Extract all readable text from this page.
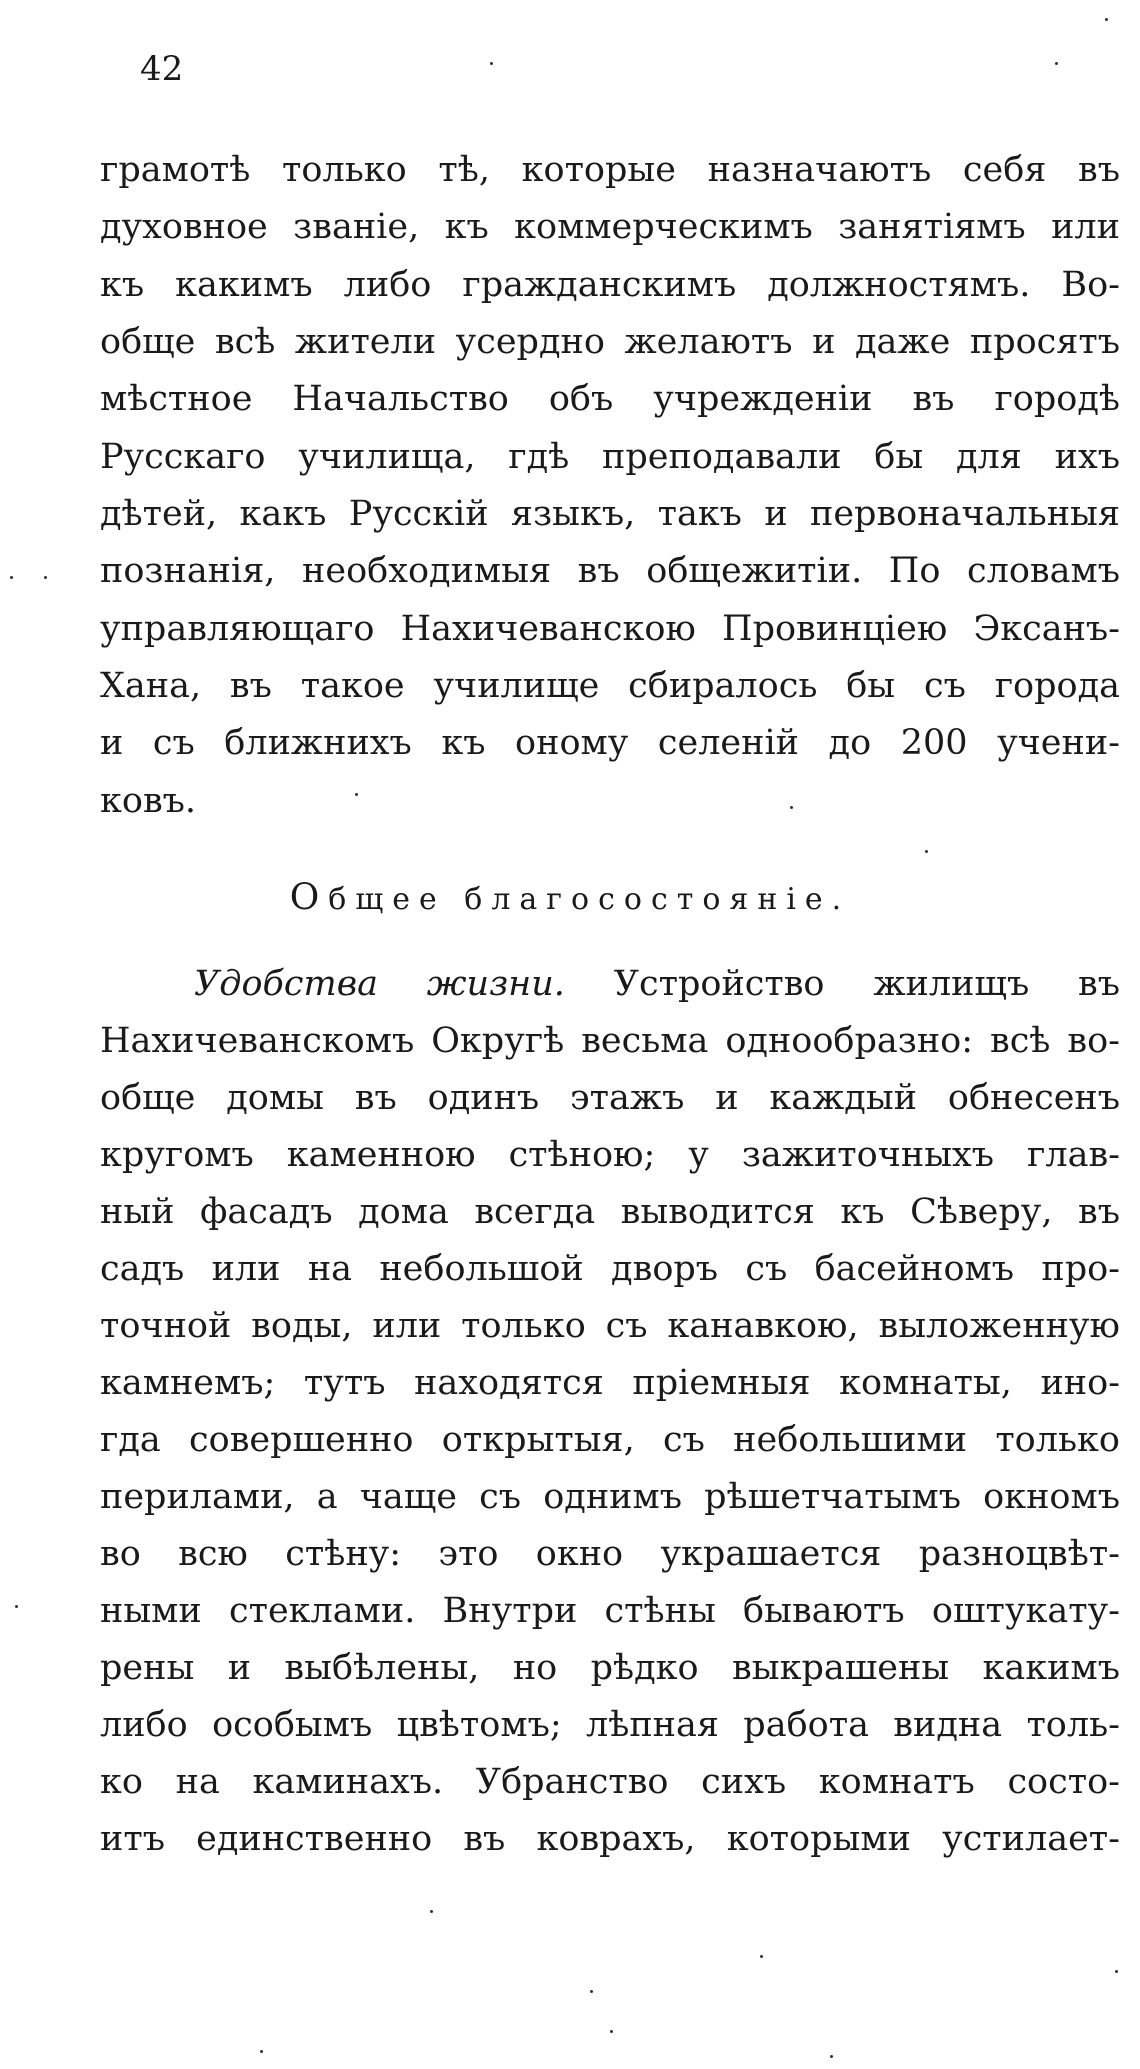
42
грамотѣ только тѣ, которые назначаютъ себя въ
духовное званіе, къ коммерческимъ занятіямъ или
къ какимъ либо гражданскимъ должностямъ. Во-
обще всѣ жители усердно желаютъ и даже просятъ
мѣстное Начальство объ учрежденіи въ городѣ
Русскаго училища, гдѣ преподавали бы для ихъ
дѣтей, какъ Русскій языкъ, такъ и первоначальныя
познанія, необходимыя въ общежитіи. По словамъ
управляющаго Нахичеванскою Провинціею Эксанъ-
Хана, въ такое училище сбиралось бы съ города
и съ ближнихъ къ оному селеній до 200 учени-
ковъ.
Общее благосостояніе.
Удобства жизни. Устройство жилищъ въ
Нахичеванскомъ Округѣ весьма однообразно: всѣ во-
обще домы въ одинъ этажъ и каждый обнесенъ
кругомъ каменною стѣною; у зажиточныхъ глав-
ный фасадъ дома всегда выводится къ Сѣверу, въ
садъ или на небольшой дворъ съ басейномъ про-
точной воды, или только съ канавкою, выложенную
камнемъ; тутъ находятся пріемныя комнаты, ино-
гда совершенно открытыя, съ небольшими только
перилами, а чаще съ однимъ рѣшетчатымъ окномъ
во всю стѣну: это окно украшается разноцвѣт-
ными стеклами. Внутри стѣны бываютъ оштукату-
рены и выбѣлены, но рѣдко выкрашены какимъ
либо особымъ цвѣтомъ; лѣпная работа видна толь-
ко на каминахъ. Убранство сихъ комнатъ состо-
итъ единственно въ коврахъ, которыми устилает-
